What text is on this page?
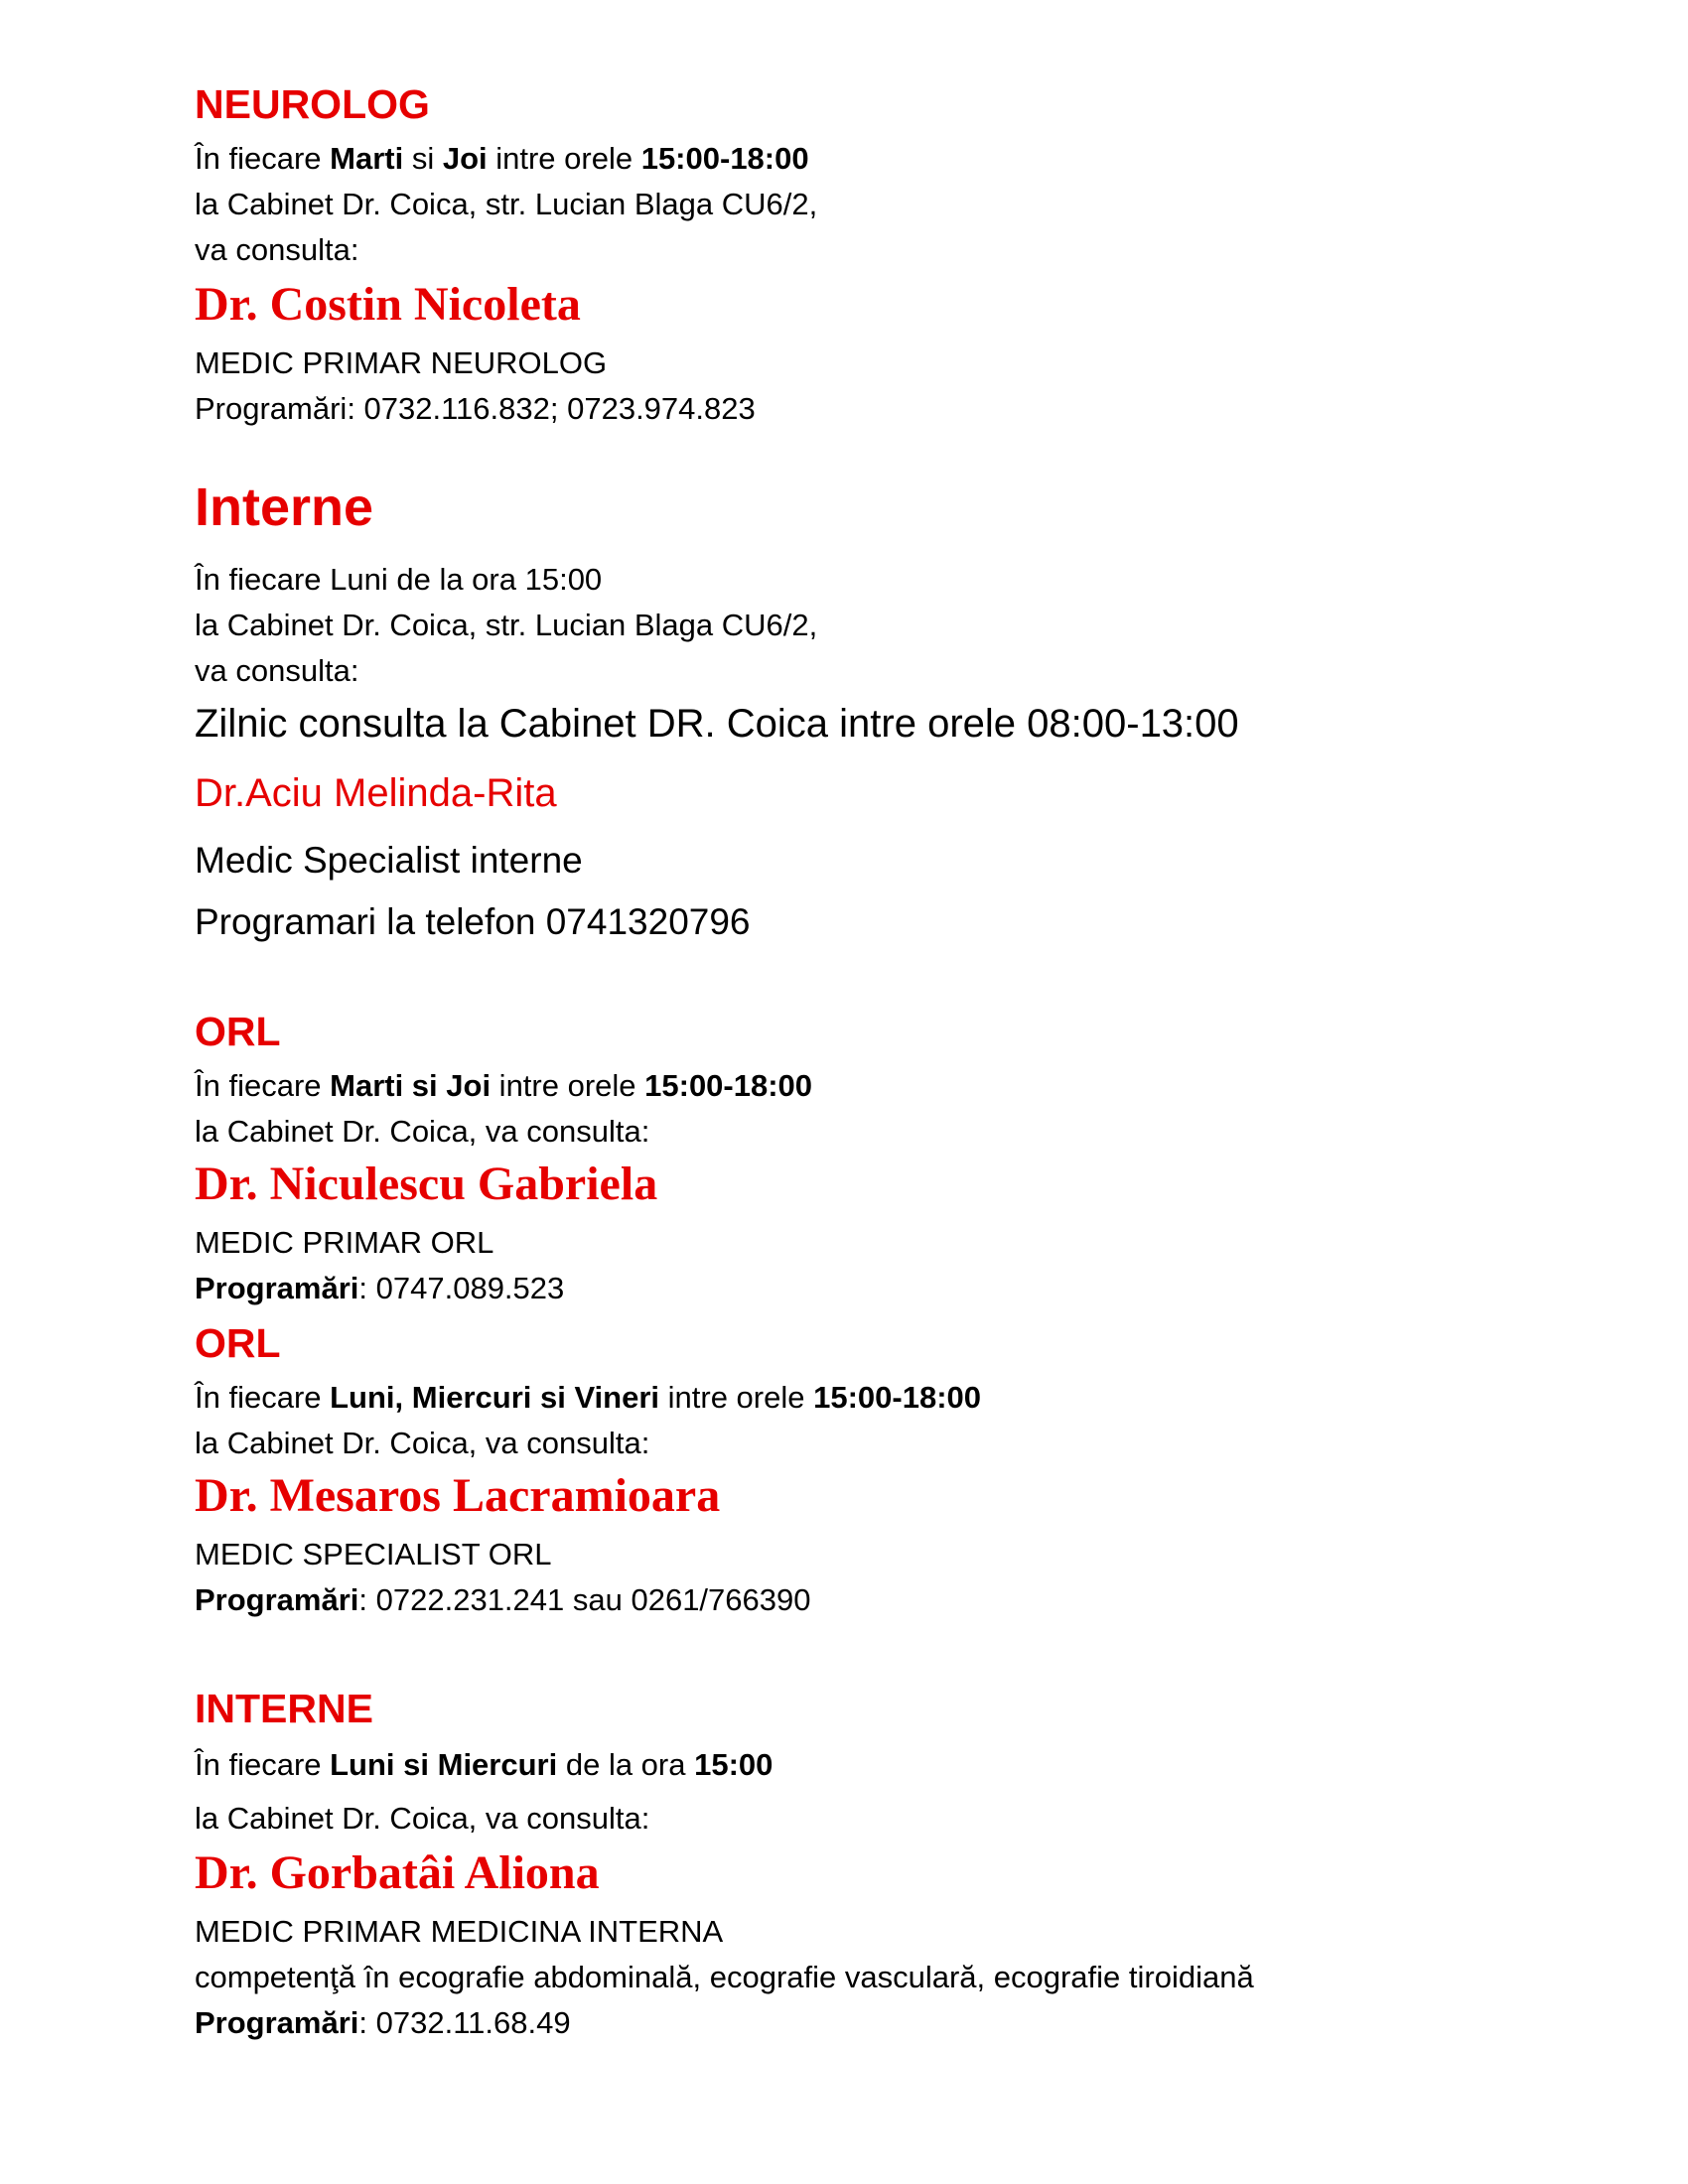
NEUROLOG
În fiecare Marti si Joi intre orele 15:00-18:00
la Cabinet Dr. Coica, str. Lucian Blaga CU6/2,
va consulta:
Dr. Costin Nicoleta
MEDIC PRIMAR NEUROLOG
Programări: 0732.116.832; 0723.974.823
Interne
În fiecare Luni de la ora 15:00
la Cabinet Dr. Coica, str. Lucian Blaga CU6/2,
va consulta:
Zilnic consulta la Cabinet DR. Coica intre orele 08:00-13:00
Dr.Aciu Melinda-Rita
Medic Specialist interne
Programari la telefon 0741320796
ORL
În fiecare Marti si Joi intre orele 15:00-18:00
la Cabinet Dr. Coica, va consulta:
Dr. Niculescu Gabriela
MEDIC PRIMAR ORL
Programări: 0747.089.523
ORL
În fiecare Luni, Miercuri si Vineri intre orele 15:00-18:00
la Cabinet Dr. Coica, va consulta:
Dr. Mesaros Lacramioara
MEDIC SPECIALIST ORL
Programări: 0722.231.241 sau 0261/766390
INTERNE
În fiecare Luni si Miercuri de la ora 15:00
la Cabinet Dr. Coica, va consulta:
Dr. Gorbatâi Aliona
MEDIC PRIMAR MEDICINA INTERNA
competenţă în ecografie abdominală, ecografie vasculară, ecografie tiroidiană
Programări: 0732.11.68.49
